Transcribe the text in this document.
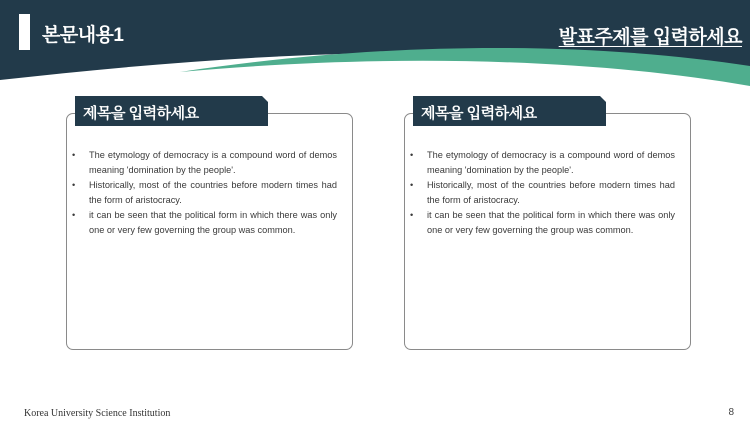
본문내용1	발표주제를 입력하세요
제목을 입력하세요
• The etymology of democracy is a compound word of demos meaning 'domination by the people'.
• Historically, most of the countries before modern times had the form of aristocracy.
• it can be seen that the political form in which there was only one or very few governing the group was common.
제목을 입력하세요
• The etymology of democracy is a compound word of demos meaning 'domination by the people'.
• Historically, most of the countries before modern times had the form of aristocracy.
• it can be seen that the political form in which there was only one or very few governing the group was common.
Korea University Science Institution	8
